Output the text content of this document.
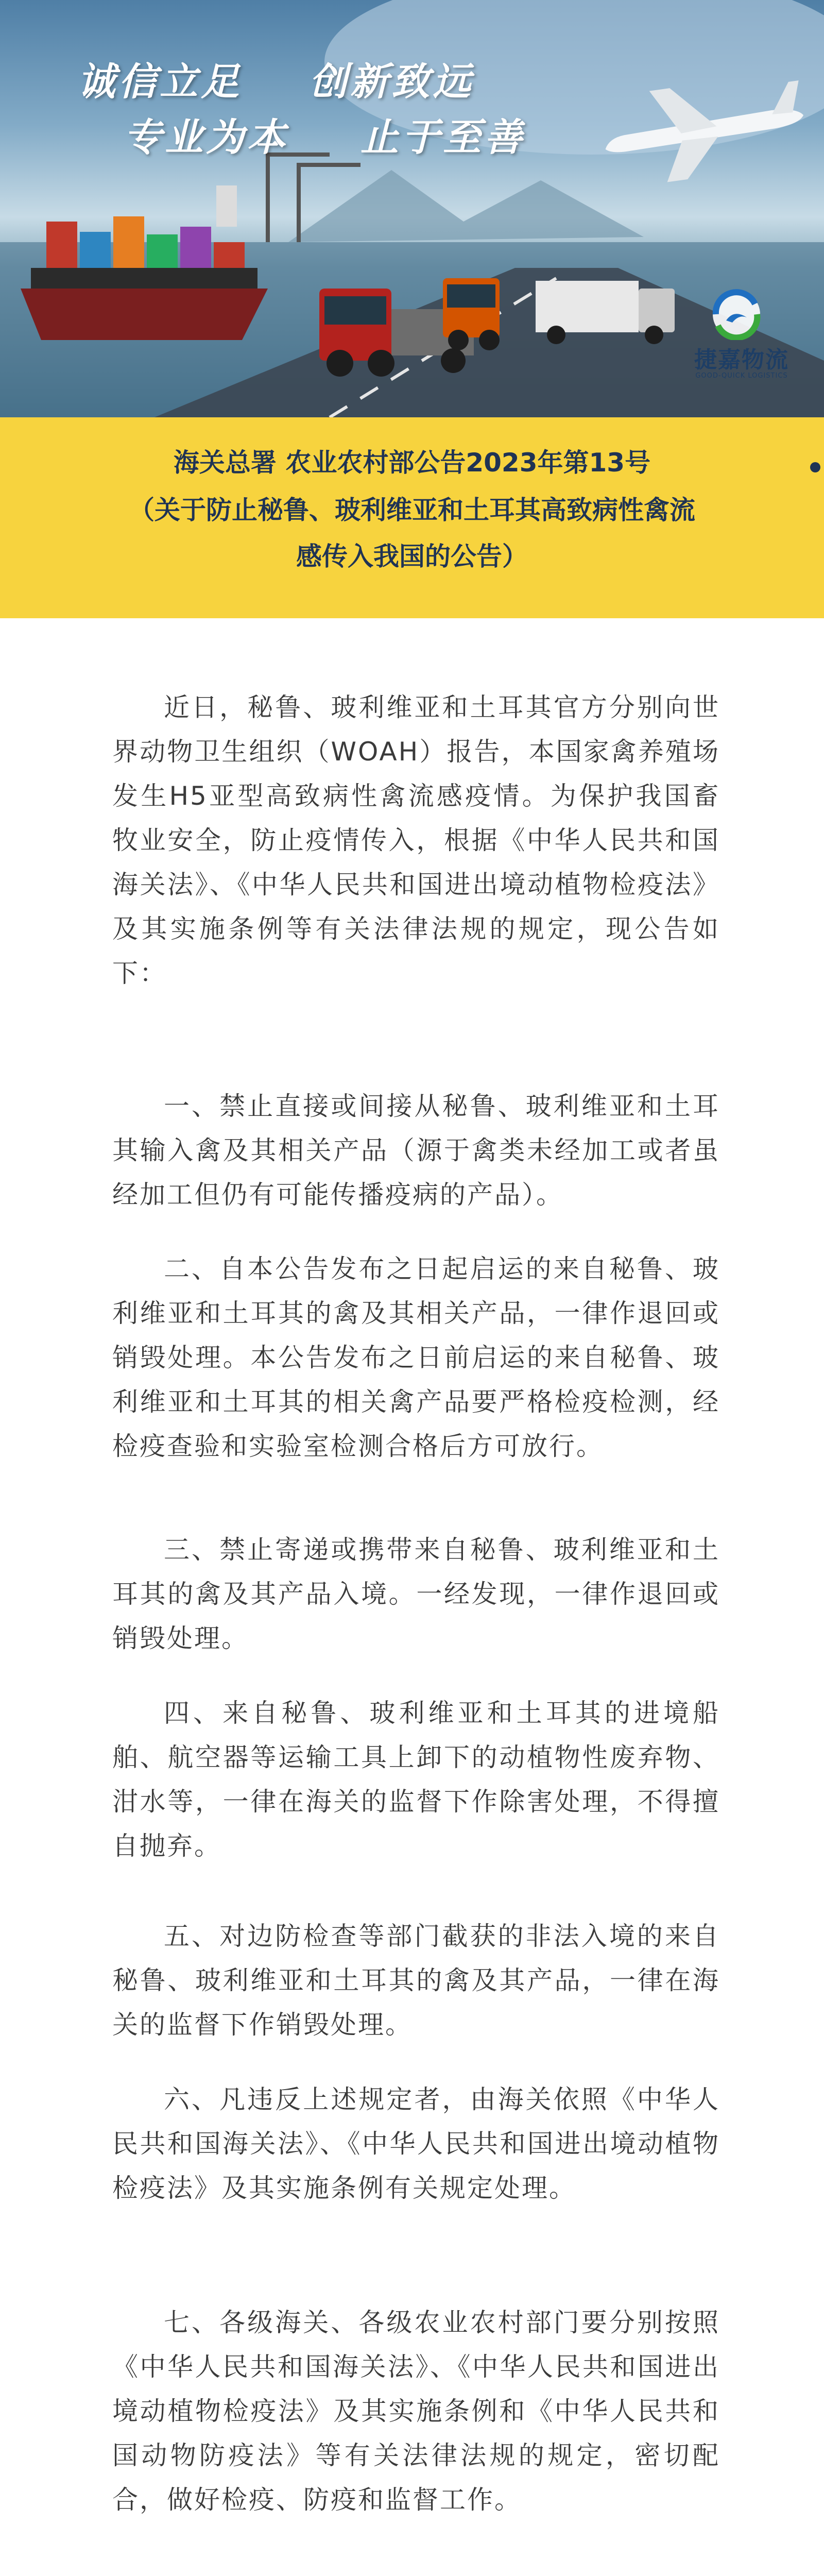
诚信立足 创新致远
专业为本 止于至善
捷嘉物流
GOOD-QUICK LOGISTICS
海关总署 农业农村部公告2023年第13号
（关于防止秘鲁、玻利维亚和土耳其高致病性禽流
感传入我国的公告）
近日，秘鲁、玻利维亚和土耳其官方分别向世界动物卫生组织（WOAH）报告，本国家禽养殖场发生H5亚型高致病性禽流感疫情。为保护我国畜牧业安全，防止疫情传入，根据《中华人民共和国海关法》、《中华人民共和国进出境动植物检疫法》及其实施条例等有关法律法规的规定，现公告如下：
一、禁止直接或间接从秘鲁、玻利维亚和土耳其输入禽及其相关产品（源于禽类未经加工或者虽经加工但仍有可能传播疫病的产品）。
二、自本公告发布之日起启运的来自秘鲁、玻利维亚和土耳其的禽及其相关产品，一律作退回或销毁处理。本公告发布之日前启运的来自秘鲁、玻利维亚和土耳其的相关禽产品要严格检疫检测，经检疫查验和实验室检测合格后方可放行。
三、禁止寄递或携带来自秘鲁、玻利维亚和土耳其的禽及其产品入境。一经发现，一律作退回或销毁处理。
四、来自秘鲁、玻利维亚和土耳其的进境船舶、航空器等运输工具上卸下的动植物性废弃物、泔水等，一律在海关的监督下作除害处理，不得擅自抛弃。
五、对边防检查等部门截获的非法入境的来自秘鲁、玻利维亚和土耳其的禽及其产品，一律在海关的监督下作销毁处理。
六、凡违反上述规定者，由海关依照《中华人民共和国海关法》、《中华人民共和国进出境动植物检疫法》及其实施条例有关规定处理。
七、各级海关、各级农业农村部门要分别按照《中华人民共和国海关法》、《中华人民共和国进出境动植物检疫法》及其实施条例和《中华人民共和国动物防疫法》等有关法律法规的规定，密切配合，做好检疫、防疫和监督工作。
